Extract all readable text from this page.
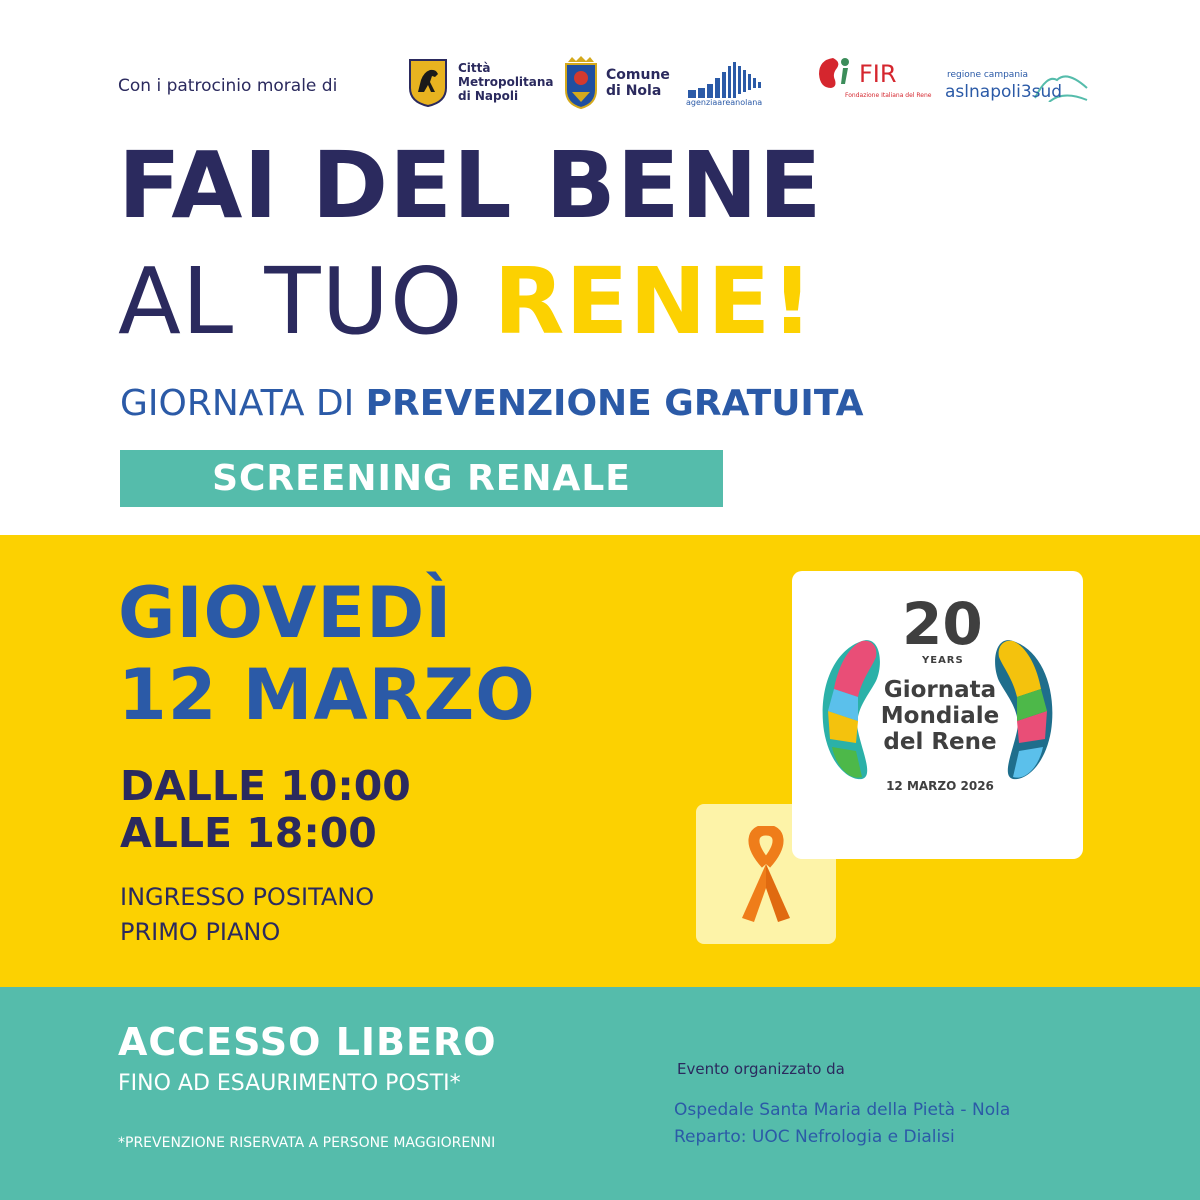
Con i patrocinio morale di
Città
Metropolitana
di Napoli
Comune
di Nola
agenziaareanolana
FIR
Fondazione Italiana del Rene
regione campania
aslnapoli3sud
FAI DEL BENE
AL TUO RENE!
GIORNATA DI PREVENZIONE GRATUITA
SCREENING RENALE
GIOVEDÌ
12 MARZO
DALLE 10:00
ALLE 18:00
INGRESSO POSITANO
PRIMO PIANO
20
YEARS
Giornata
Mondiale
del Rene
12 MARZO 2026
ACCESSO LIBERO
FINO AD ESAURIMENTO POSTI*
*PREVENZIONE RISERVATA A PERSONE MAGGIORENNI
Evento organizzato da
Ospedale Santa Maria della Pietà - Nola
Reparto: UOC Nefrologia e Dialisi
